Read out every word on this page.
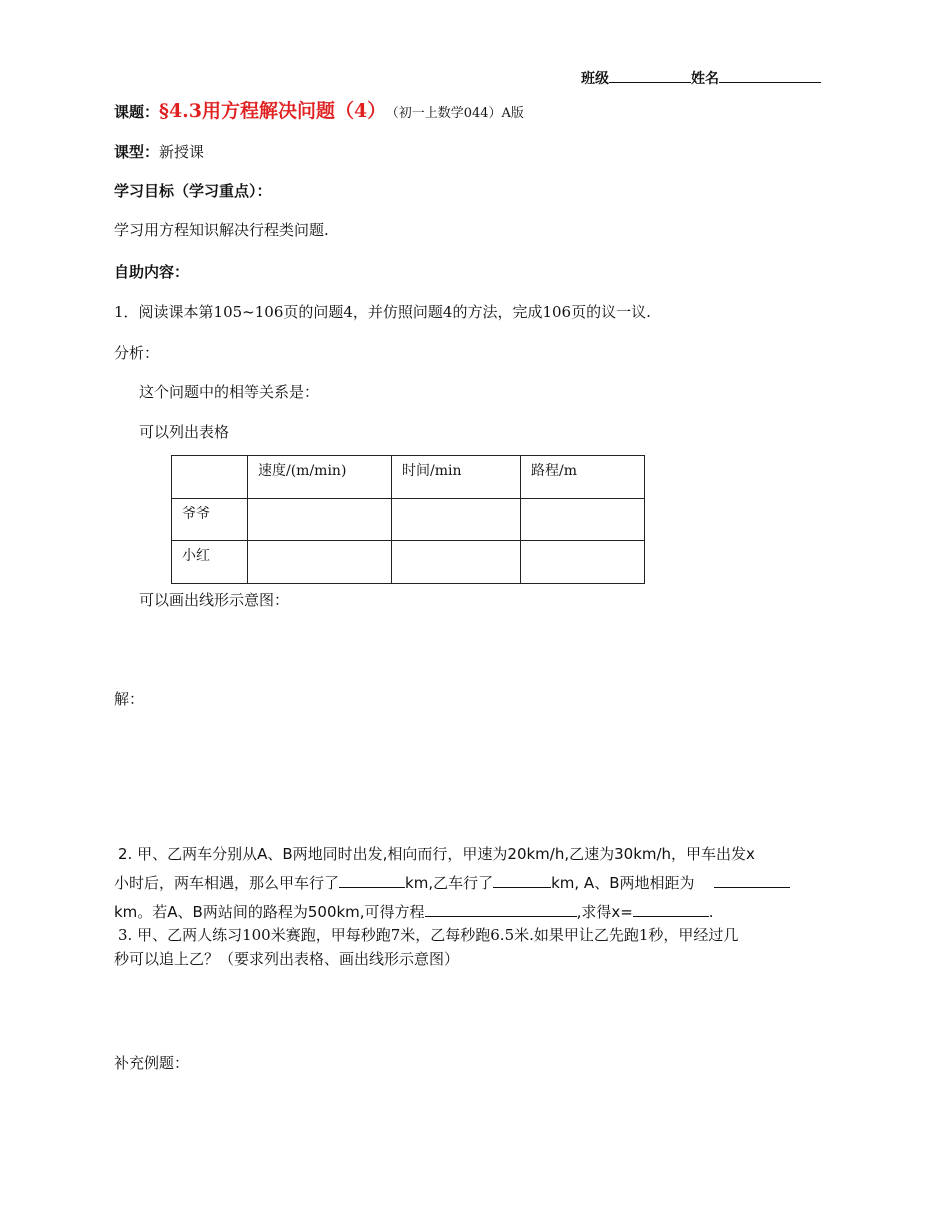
班级	姓名
课题：§4.3用方程解决问题（4） （初一上数学044）A版
课型：新授课
学习目标（学习重点）：
学习用方程知识解决行程类问题.
自助内容：
1．阅读课本第105~106页的问题4，并仿照问题4的方法，完成106页的议一议.
分析：
这个问题中的相等关系是：
可以列出表格
	速度/(m/min)	时间/min	路程/m
爷爷			
小红			
可以画出线形示意图：
解：
2. 甲、乙两车分别从A、B两地同时出发,相向而行，甲速为20km/h,乙速为30km/h，甲车出发x
小时后，两车相遇，那么甲车行了	km,乙车行了	km, A、B两地相距为
km。若A、B两站间的路程为500km,可得方程	,求得x=	.
3. 甲、乙两人练习100米赛跑，甲每秒跑7米，乙每秒跑6.5米.如果甲让乙先跑1秒，甲经过几
秒可以追上乙？（要求列出表格、画出线形示意图）
补充例题：
